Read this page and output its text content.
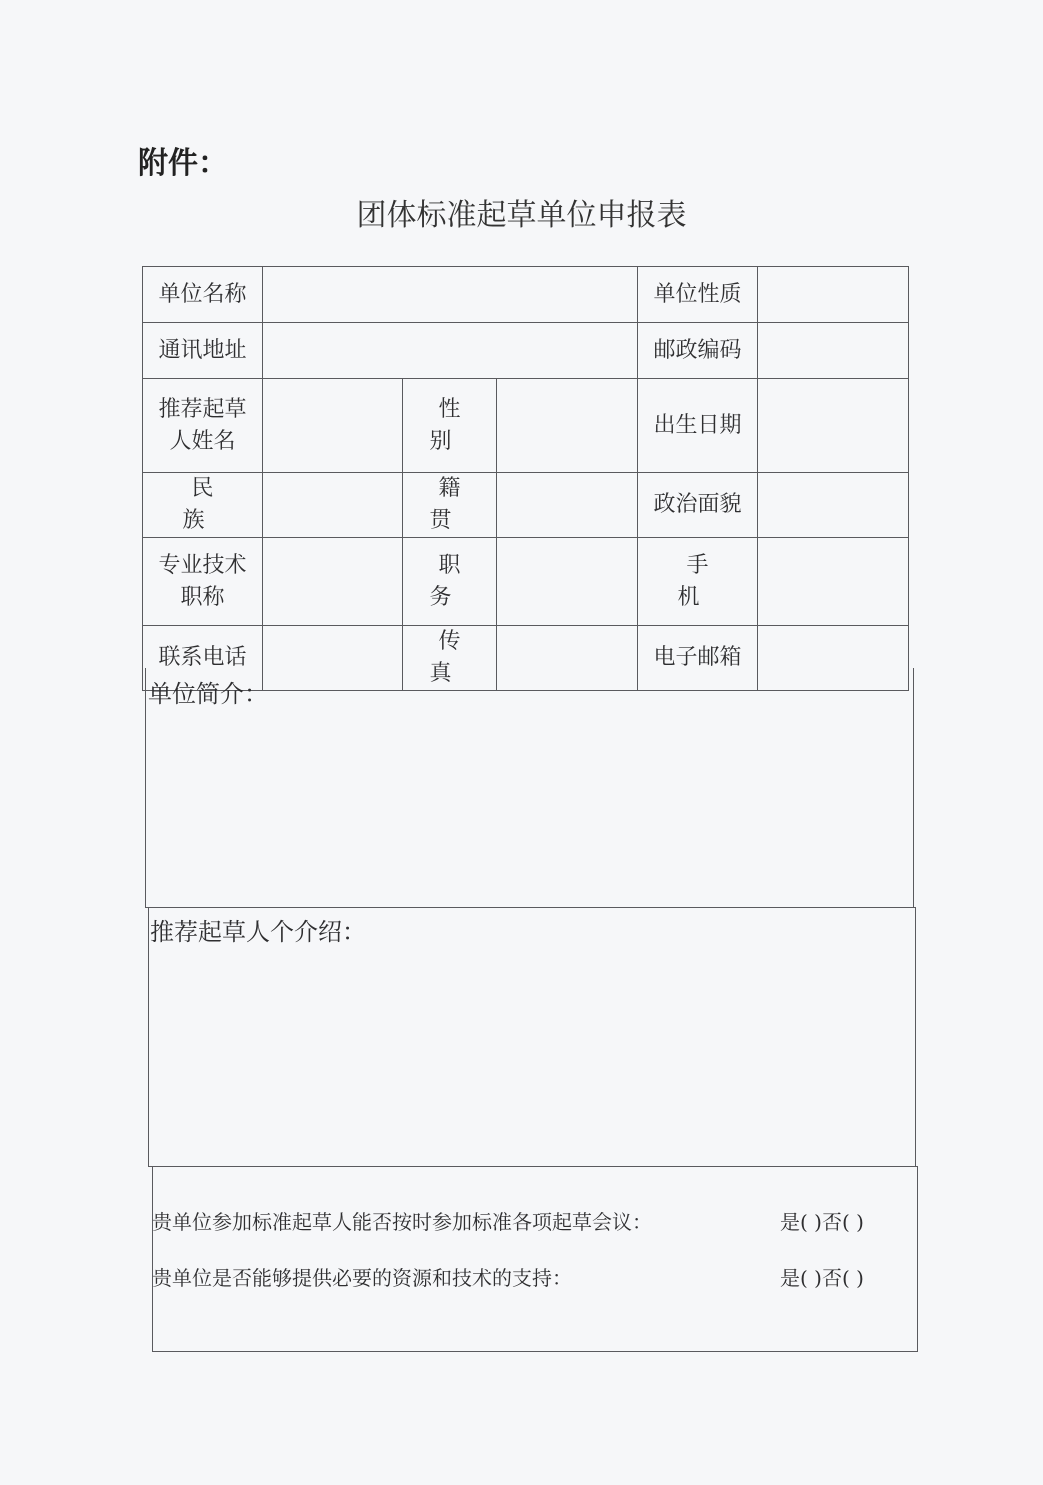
附件：
团体标准起草单位申报表
单位名称				单位性质	
通讯地址				邮政编码	

推荐起草
人姓名		性 别		出生日期	
民 族		籍 贯		政治面貌	

专业技术
职称		职 务		手 机	
联系电话		传 真		电子邮箱	
单位简介：
推荐起草人个介绍：
贵单位参加标准起草人能否按时参加标准各项起草会议：	是( )否( )
贵单位是否能够提供必要的资源和技术的支持：	是( )否( )
